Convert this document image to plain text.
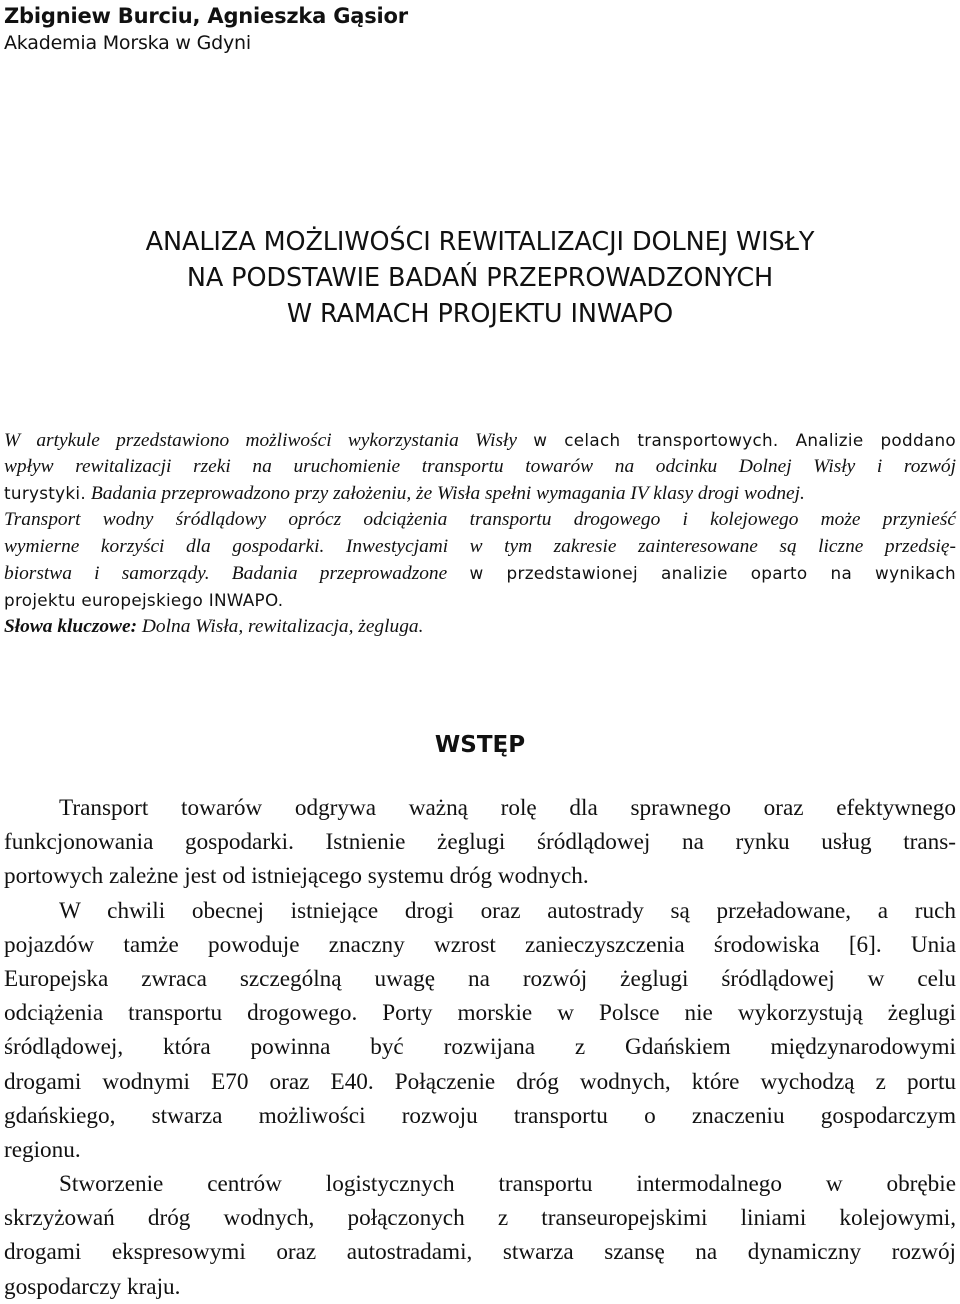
Zbigniew Burciu, Agnieszka Gąsior
Akademia Morska w Gdyni
ANALIZA MOŻLIWOŚCI REWITALIZACJI DOLNEJ WISŁY
NA PODSTAWIE BADAŃ PRZEPROWADZONYCH
W RAMACH PROJEKTU INWAPO
W artykule przedstawiono możliwości wykorzystania Wisły w celach transportowych. Analizie poddano
wpływ rewitalizacji rzeki na uruchomienie transportu towarów na odcinku Dolnej Wisły i rozwój
turystyki. Badania przeprowadzono przy założeniu, że Wisła spełni wymagania IV klasy drogi wodnej.
Transport wodny śródlądowy oprócz odciążenia transportu drogowego i kolejowego może przynieść
wymierne korzyści dla gospodarki. Inwestycjami w tym zakresie zainteresowane są liczne przedsię-
biorstwa i samorządy. Badania przeprowadzone w przedstawionej analizie oparto na wynikach
projektu europejskiego INWAPO.
Słowa kluczowe: Dolna Wisła, rewitalizacja, żegluga.
WSTĘP
Transport towarów odgrywa ważną rolę dla sprawnego oraz efektywnego
funkcjonowania gospodarki. Istnienie żeglugi śródlądowej na rynku usług trans-
portowych zależne jest od istniejącego systemu dróg wodnych.
W chwili obecnej istniejące drogi oraz autostrady są przeładowane, a ruch
pojazdów tamże powoduje znaczny wzrost zanieczyszczenia środowiska [6]. Unia
Europejska zwraca szczególną uwagę na rozwój żeglugi śródlądowej w celu
odciążenia transportu drogowego. Porty morskie w Polsce nie wykorzystują żeglugi
śródlądowej, która powinna być rozwijana z Gdańskiem międzynarodowymi
drogami wodnymi E70 oraz E40. Połączenie dróg wodnych, które wychodzą z portu
gdańskiego, stwarza możliwości rozwoju transportu o znaczeniu gospodarczym
regionu.
Stworzenie centrów logistycznych transportu intermodalnego w obrębie
skrzyżowań dróg wodnych, połączonych z transeuropejskimi liniami kolejowymi,
drogami ekspresowymi oraz autostradami, stwarza szansę na dynamiczny rozwój
gospodarczy kraju.
